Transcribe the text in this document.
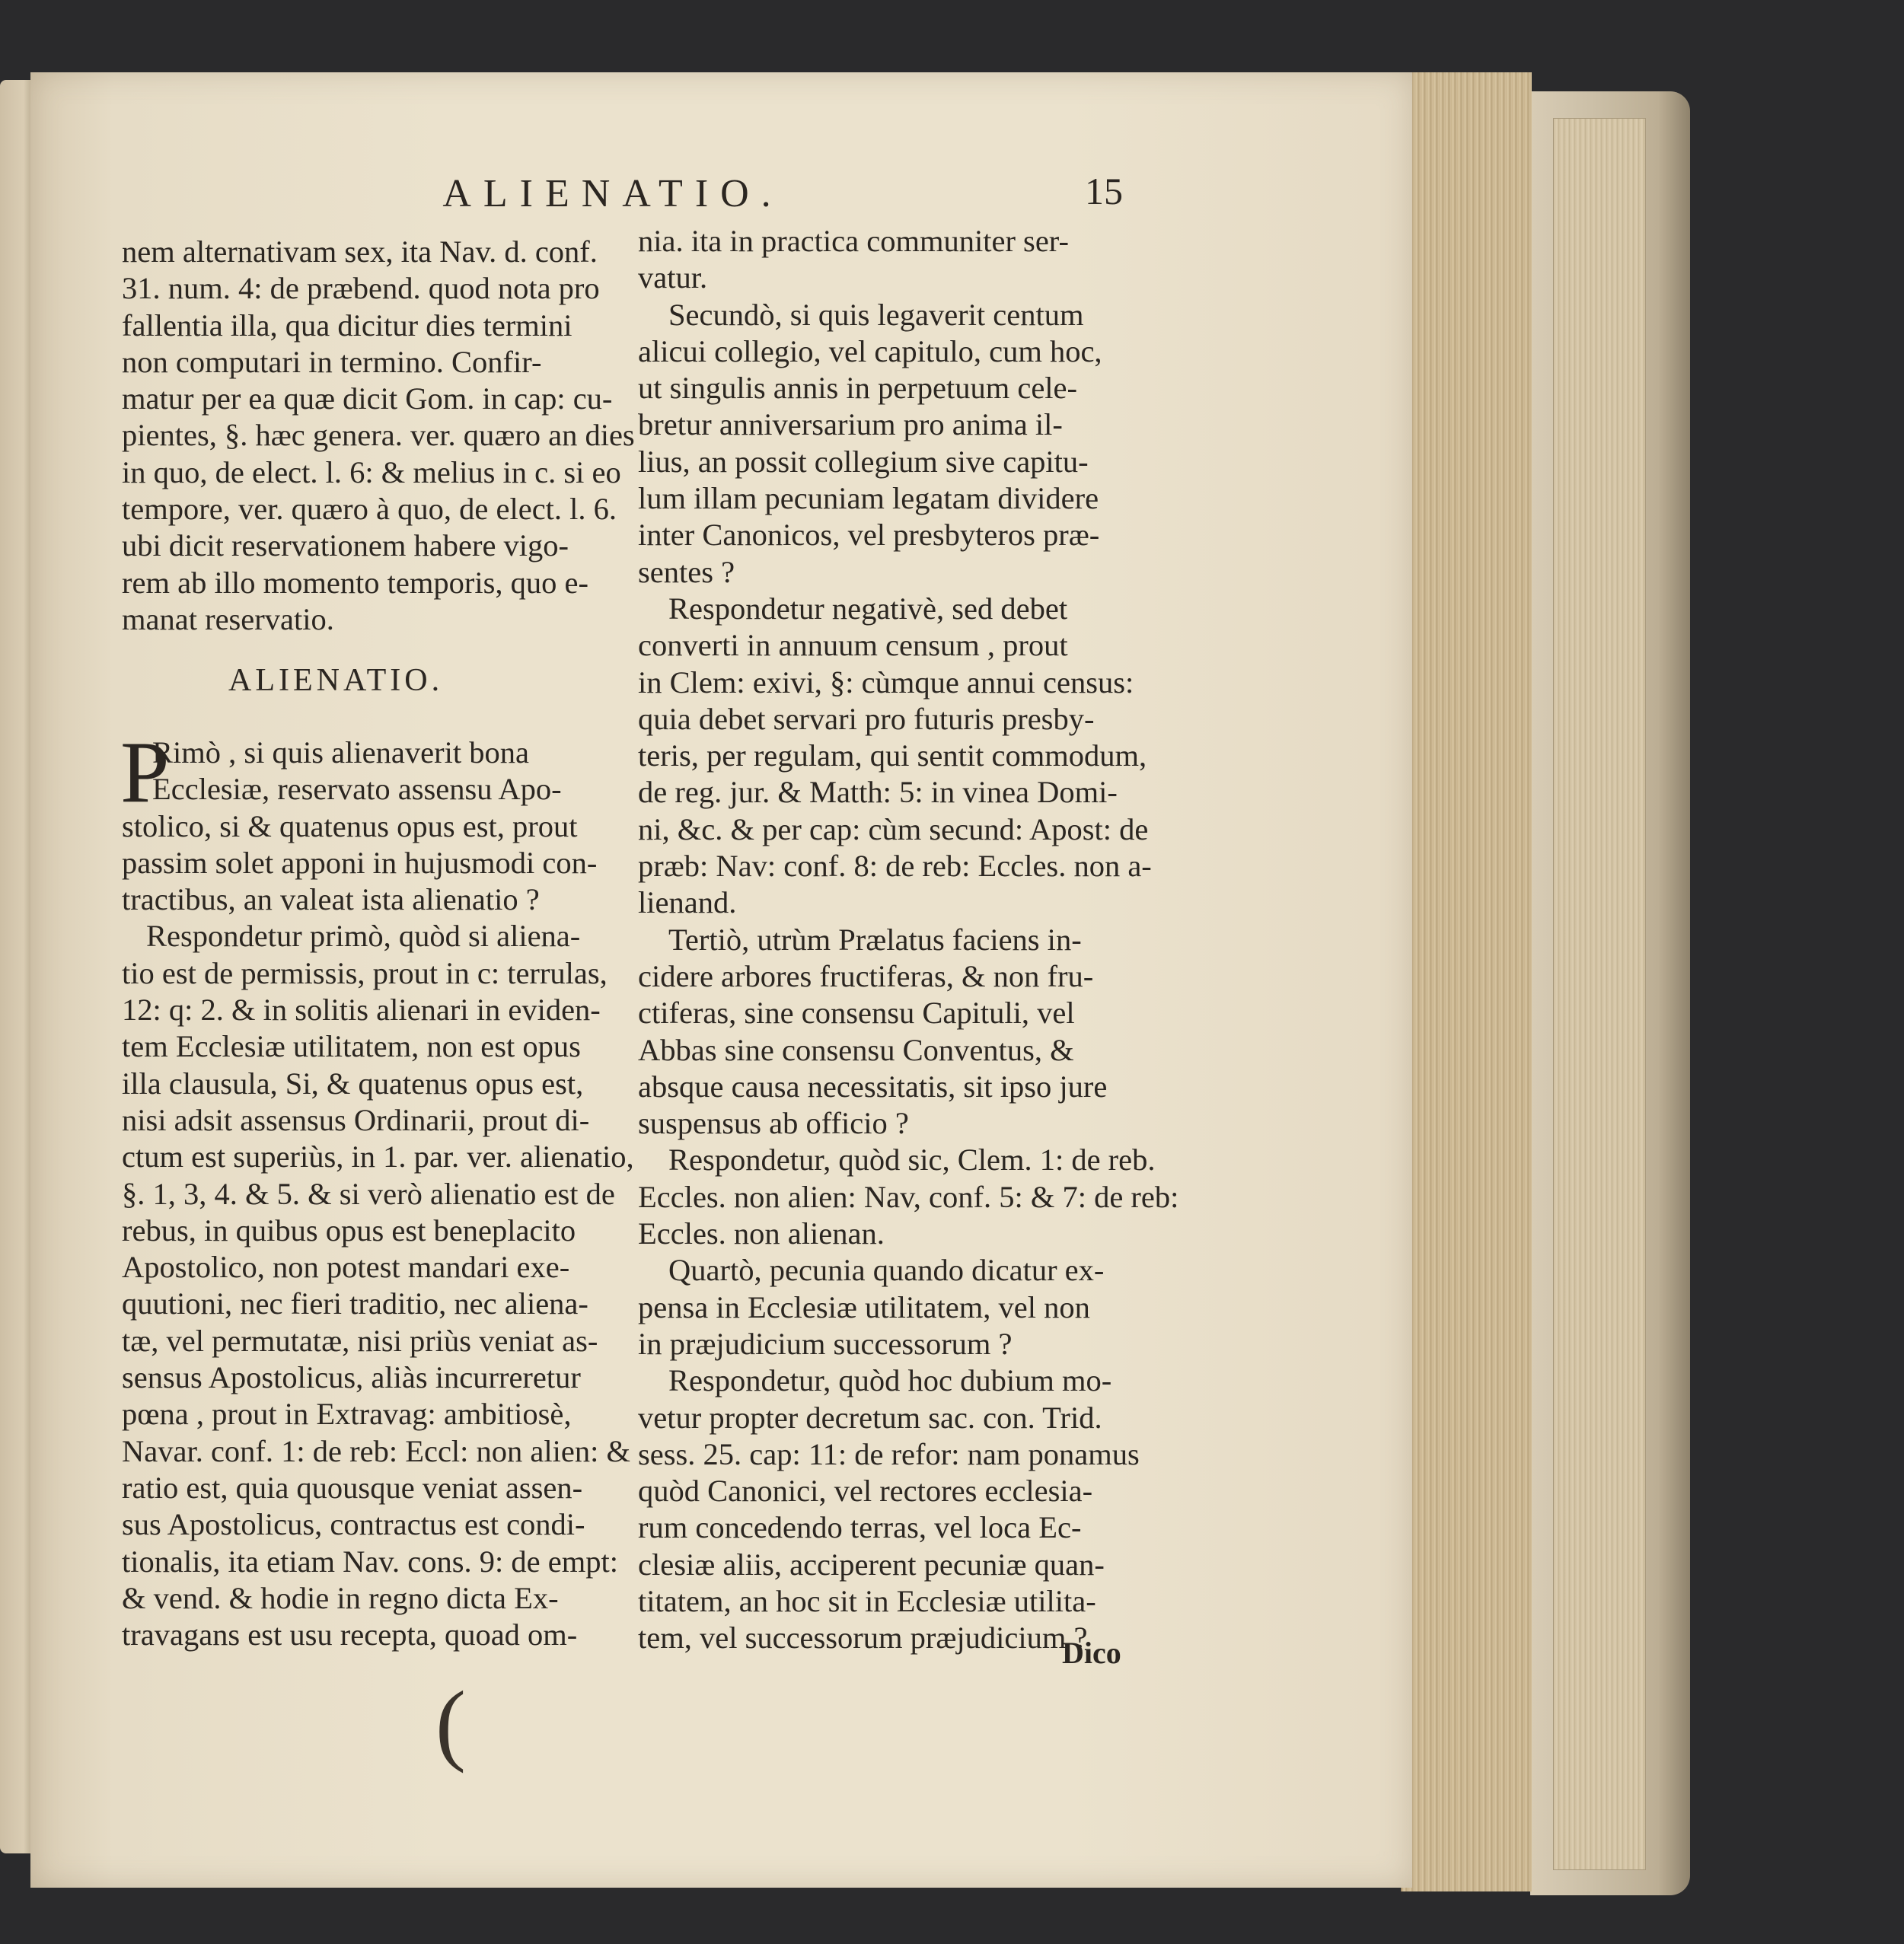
ALIENATIO.	15
nem alternativam sex, ita Nav. d. conf.
31. num. 4: de præbend. quod nota pro
fallentia illa, qua dicitur dies termini
non computari in termino. Confir-
matur per ea quæ dicit Gom. in cap: cu-
pientes, §. hæc genera. ver. quæro an dies
in quo, de elect. l. 6: & melius in c. si eo
tempore, ver. quæro à quo, de elect. l. 6.
ubi dicit reservationem habere vigo-
rem ab illo momento temporis, quo e-
manat reservatio.
ALIENATIO.
P
Rimò , si quis alienaverit bona
Ecclesiæ, reservato assensu Apo-
stolico, si & quatenus opus est, prout
passim solet apponi in hujusmodi con-
tractibus, an valeat ista alienatio ?
Respondetur primò, quòd si aliena-
tio est de permissis, prout in c: terrulas,
12: q: 2. & in solitis alienari in eviden-
tem Ecclesiæ utilitatem, non est opus
illa clausula, Si, & quatenus opus est,
nisi adsit assensus Ordinarii, prout di-
ctum est superiùs, in 1. par. ver. alienatio,
§. 1, 3, 4. & 5. & si verò alienatio est de
rebus, in quibus opus est beneplacito
Apostolico, non potest mandari exe-
quutioni, nec fieri traditio, nec aliena-
tæ, vel permutatæ, nisi priùs veniat as-
sensus Apostolicus, aliàs incurreretur
pœna , prout in Extravag: ambitiosè,
Navar. conf. 1: de reb: Eccl: non alien: &
ratio est, quia quousque veniat assen-
sus Apostolicus, contractus est condi-
tionalis, ita etiam Nav. cons. 9: de empt:
& vend. & hodie in regno dicta Ex-
travagans est usu recepta, quoad om-
nia. ita in practica communiter ser-
vatur.
Secundò, si quis legaverit centum
alicui collegio, vel capitulo, cum hoc,
ut singulis annis in perpetuum cele-
bretur anniversarium pro anima il-
lius, an possit collegium sive capitu-
lum illam pecuniam legatam dividere
inter Canonicos, vel presbyteros præ-
sentes ?
Respondetur negativè, sed debet
converti in annuum censum , prout
in Clem: exivi, §: cùmque annui census:
quia debet servari pro futuris presby-
teris, per regulam, qui sentit commodum,
de reg. jur. & Matth: 5: in vinea Domi-
ni, &c. & per cap: cùm secund: Apost: de
præb: Nav: conf. 8: de reb: Eccles. non a-
lienand.
Tertiò, utrùm Prælatus faciens in-
cidere arbores fructiferas, & non fru-
ctiferas, sine consensu Capituli, vel
Abbas sine consensu Conventus, &
absque causa necessitatis, sit ipso jure
suspensus ab officio ?
Respondetur, quòd sic, Clem. 1: de reb.
Eccles. non alien: Nav, conf. 5: & 7: de reb:
Eccles. non alienan.
Quartò, pecunia quando dicatur ex-
pensa in Ecclesiæ utilitatem, vel non
in præjudicium successorum ?
Respondetur, quòd hoc dubium mo-
vetur propter decretum sac. con. Trid.
sess. 25. cap: 11: de refor: nam ponamus
quòd Canonici, vel rectores ecclesia-
rum concedendo terras, vel loca Ec-
clesiæ aliis, acciperent pecuniæ quan-
titatem, an hoc sit in Ecclesiæ utilita-
tem, vel successorum præjudicium ?
Dico
(
